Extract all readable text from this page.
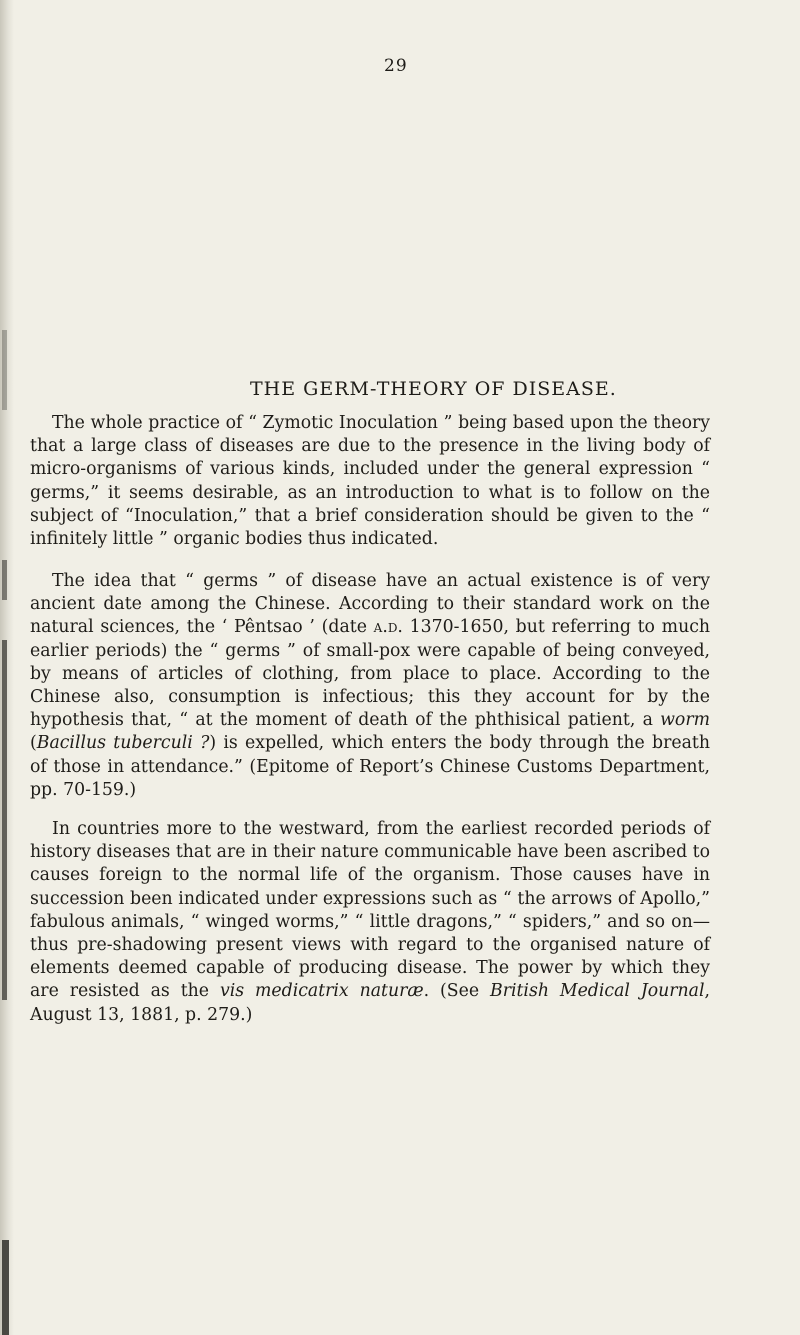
29
THE GERM-THEORY OF DISEASE.

The whole practice of “ Zymotic Inoculation ” being based upon the theory that a large class of diseases are due to the presence in the living body of micro-organisms of various kinds, included under the general expression “ germs,” it seems desirable, as an introduction to what is to follow on the subject of “Inoculation,” that a brief consideration should be given to the “ infinitely little ” organic bodies thus indicated.

The idea that “ germs ” of disease have an actual existence is of very ancient date among the Chinese. According to their standard work on the natural sciences, the ‘ Pêntsao ’ (date a.d. 1370-1650, but referring to much earlier periods) the “ germs ” of small-pox were capable of being conveyed, by means of articles of clothing, from place to place. According to the Chinese also, consumption is infectious; this they account for by the hypothesis that, “ at the moment of death of the phthisical patient, a worm (Bacillus tuberculi ?) is expelled, which enters the body through the breath of those in attendance.” (Epitome of Report’s Chinese Customs Department, pp. 70-159.)

In countries more to the westward, from the earliest recorded periods of history diseases that are in their nature communicable have been ascribed to causes foreign to the normal life of the organism. Those causes have in succession been indicated under expressions such as “ the arrows of Apollo,” fabulous animals, “ winged worms,” “ little dragons,” “ spiders,” and so on—thus pre-shadowing present views with regard to the organised nature of elements deemed capable of producing disease. The power by which they are resisted as the vis medicatrix naturæ. (See British Medical Journal, August 13, 1881, p. 279.)
